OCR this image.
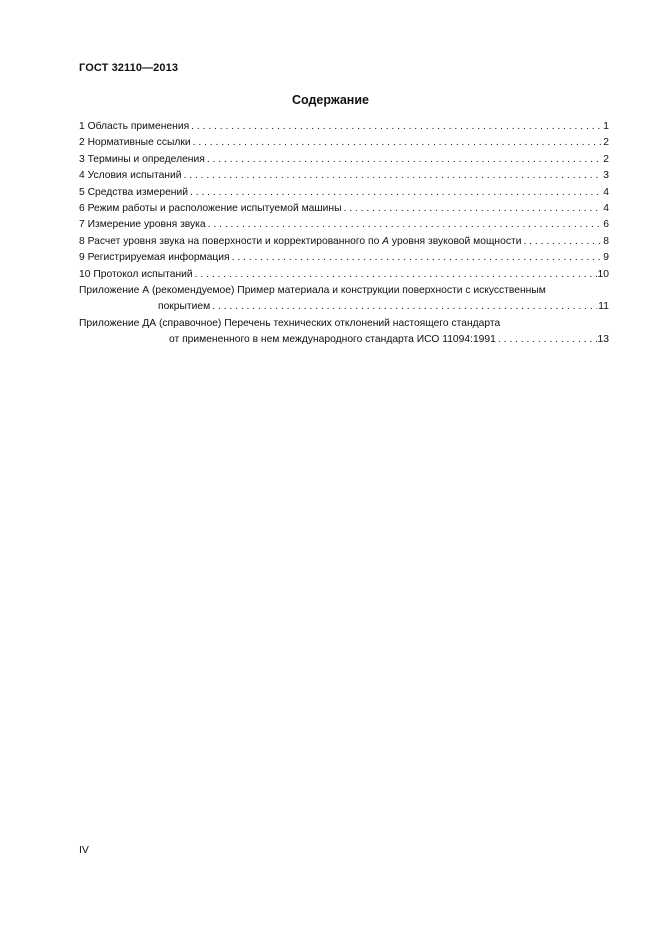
ГОСТ 32110—2013
Содержание
1 Область применения . . .	1
2 Нормативные ссылки . . .	2
3 Термины и определения . . .	2
4 Условия испытаний . . .	3
5 Средства измерений . . .	4
6 Режим работы и расположение испытуемой машины . . .	4
7 Измерение уровня звука . . .	6
8 Расчет уровня звука на поверхности и корректированного по А уровня звуковой мощности . . .	8
9 Регистрируемая информация . . .	9
10 Протокол испытаний . . .	10
Приложение А (рекомендуемое) Пример материала и конструкции поверхности с искусственным
покрытием . . .	11
Приложение ДА (справочное) Перечень технических отклонений настоящего стандарта
от примененного в нем международного стандарта ИСО 11094:1991 . . .	13
IV
